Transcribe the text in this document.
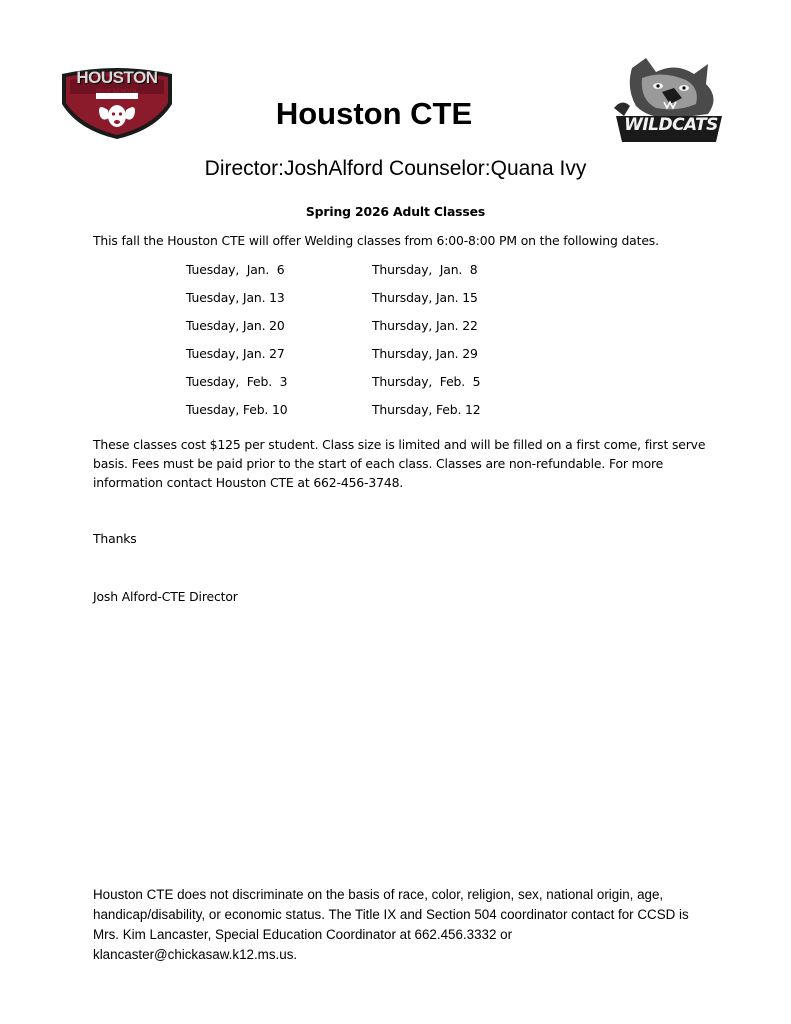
HOUSTON
HIGH SCHOOL
WILDCATS
Houston CTE
Director:JoshAlford Counselor:Quana Ivy
Spring 2026 Adult Classes
This fall the Houston CTE will offer Welding classes from 6:00-8:00 PM on the following dates.
Tuesday,  Jan.  6	Thursday,  Jan.  8
Tuesday, Jan. 13	Thursday, Jan. 15
Tuesday, Jan. 20	Thursday, Jan. 22
Tuesday, Jan. 27	Thursday, Jan. 29
Tuesday,  Feb.  3	Thursday,  Feb.  5
Tuesday, Feb. 10	Thursday, Feb. 12
These classes cost $125 per student. Class size is limited and will be filled on a first come, first serve basis. Fees must be paid prior to the start of each class. Classes are non-refundable. For more information contact Houston CTE at 662-456-3748.
Thanks
Josh Alford-CTE Director
Houston CTE does not discriminate on the basis of race, color, religion, sex, national origin, age, handicap/disability, or economic status. The Title IX and Section 504 coordinator contact for CCSD is Mrs. Kim Lancaster, Special Education Coordinator at 662.456.3332 or klancaster@chickasaw.k12.ms.us.
